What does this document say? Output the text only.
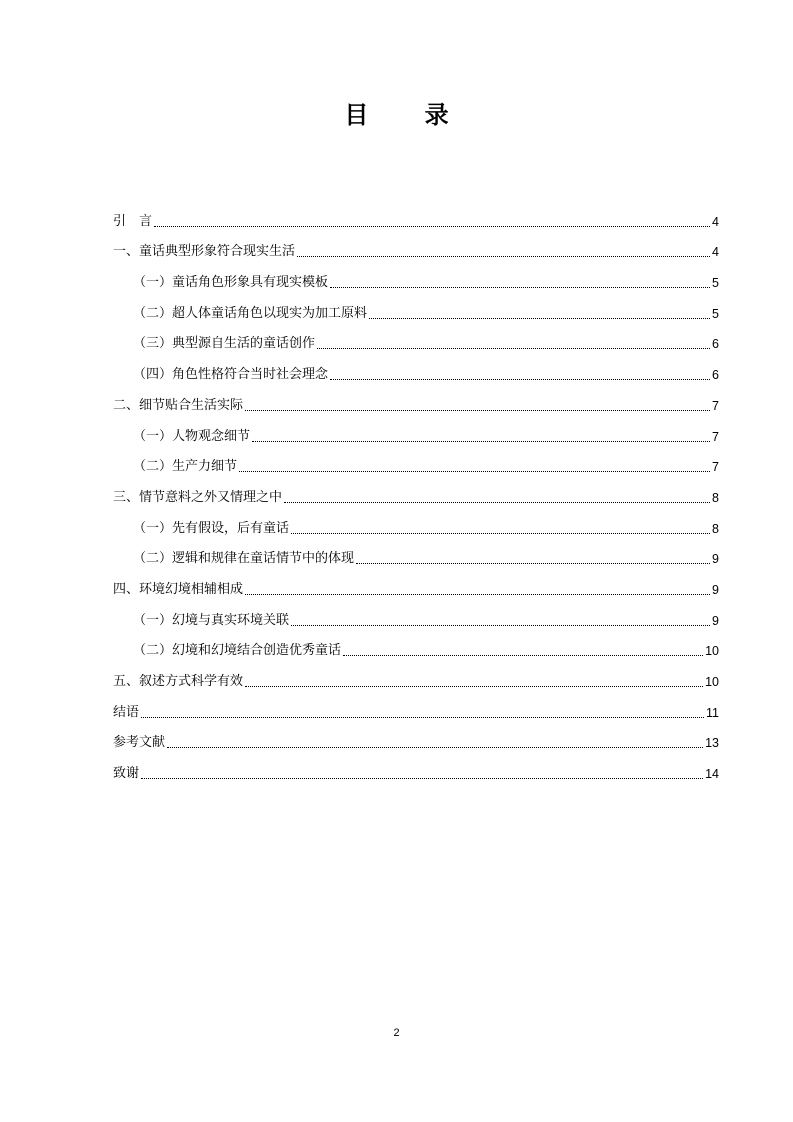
目 录
引　言	4
一、童话典型形象符合现实生活	4
（一）童话角色形象具有现实模板	5
（二）超人体童话角色以现实为加工原料	5
（三）典型源自生活的童话创作	6
（四）角色性格符合当时社会理念	6
二、细节贴合生活实际	7
（一）人物观念细节	7
（二）生产力细节	7
三、情节意料之外又情理之中	8
（一）先有假设，后有童话	8
（二）逻辑和规律在童话情节中的体现	9
四、环境幻境相辅相成	9
（一）幻境与真实环境关联	9
（二）幻境和幻境结合创造优秀童话	10
五、叙述方式科学有效	10
结语	11
参考文献	13
致谢	14
2
